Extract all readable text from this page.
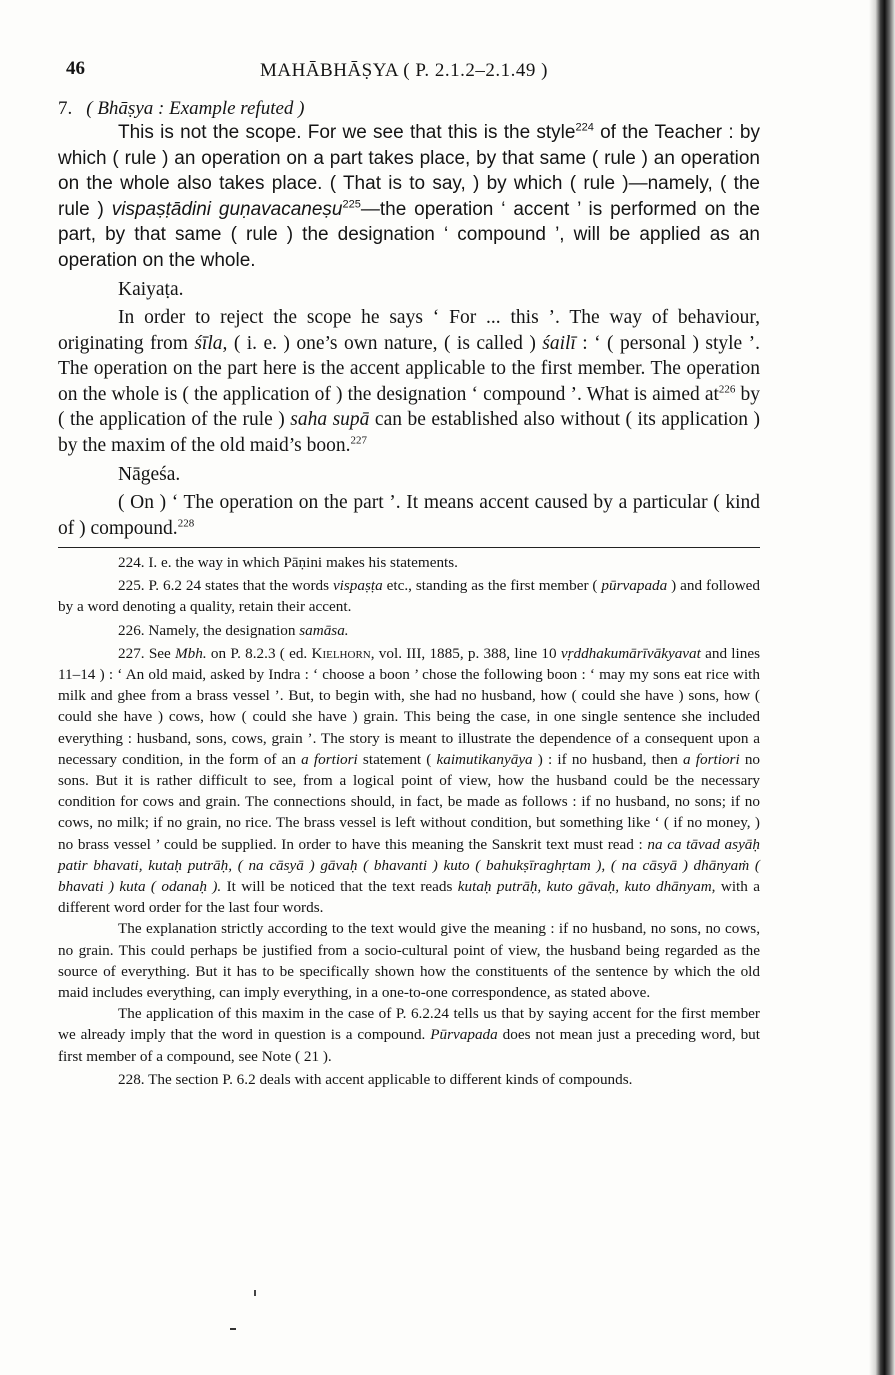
46	MAHĀBHĀṢYA ( P. 2.1.2–2.1.49 )
7. ( Bhāṣya : Example refuted )

This is not the scope. For we see that this is the style$^{224}$ of the Teacher : by which ( rule ) an operation on a part takes place, by that same ( rule ) an operation on the whole also takes place. ( That is to say, ) by which ( rule )—namely, ( the rule ) vispaṣṭādini guṇavacaneṣu$^{225}$—the operation ‘ accent ’ is performed on the part, by that same ( rule ) the designation ‘ compound ’, will be applied as an operation on the whole.

Kaiyaṭa.

In order to reject the scope he says ‘ For ... this ’. The way of behaviour, originating from śīla, ( i. e. ) one’s own nature, ( is called ) śailī : ‘ ( personal ) style ’. The operation on the part here is the accent applicable to the first member. The operation on the whole is ( the application of ) the designation ‘ compound ’. What is aimed $at^{226}$ by ( the application of the rule ) saha supā can be established also without ( its application ) by the maxim of the old maid’s boon.$^{227}$

Nāgeśa.

( On ) ‘ The operation on the part ’. It means accent caused by a particular ( kind of ) compound.$^{228}$

224. I. e. the way in which Pāṇini makes his statements.

225. P. 6.2 24 states that the words vispaṣṭa etc., standing as the first member ( pūrvapada ) and followed by a word denoting a quality, retain their accent.

226. Namely, the designation samāsa.

227. See Mbh. on P. 8.2.3 ( ed. Kielhorn, vol. III, 1885, p. 388, line 10 vṛddhakumārīvākyavat and lines 11–14 ) : ‘ An old maid, asked by Indra : ‘ choose a boon ’ chose the following boon : ‘ may my sons eat rice with milk and ghee from a brass vessel ’. But, to begin with, she had no husband, how ( could she have ) sons, how ( could she have ) cows, how ( could she have ) grain. This being the case, in one single sentence she included everything : husband, sons, cows, grain ’. The story is meant to illustrate the dependence of a consequent upon a necessary condition, in the form of an a fortiori statement ( kaimutikanyāya ) : if no husband, then a fortiori no sons. But it is rather difficult to see, from a logical point of view, how the husband could be the necessary condition for cows and grain. The connections should, in fact, be made as follows : if no husband, no sons; if no cows, no milk; if no grain, no rice. The brass vessel is left without condition, but something like ‘ ( if no money, ) no brass vessel ’ could be supplied. In order to have this meaning the Sanskrit text must read : na ca tāvad asyāḥ patir bhavati, kutaḥ putrāḥ, ( na cāsyā ) gāvaḥ ( bhavanti ) kuto ( bahukṣīraghṛtam ), ( na cāsyā ) dhānyaṁ ( bhavati ) kuta ( odanaḥ ). It will be noticed that the text reads kutaḥ putrāḥ, kuto gāvaḥ, kuto dhānyam, with a different word order for the last four words.

The explanation strictly according to the text would give the meaning : if no husband, no sons, no cows, no grain. This could perhaps be justified from a socio-cultural point of view, the husband being regarded as the source of everything. But it has to be specifically shown how the constituents of the sentence by which the old maid includes everything, can imply everything, in a one-to-one correspondence, as stated above.

The application of this maxim in the case of P. 6.2.24 tells us that by saying accent for the first member we already imply that the word in question is a compound. Pūrvapada does not mean just a preceding word, but first member of a compound, see Note ( 21 ).

228. The section P. 6.2 deals with accent applicable to different kinds of compounds.
